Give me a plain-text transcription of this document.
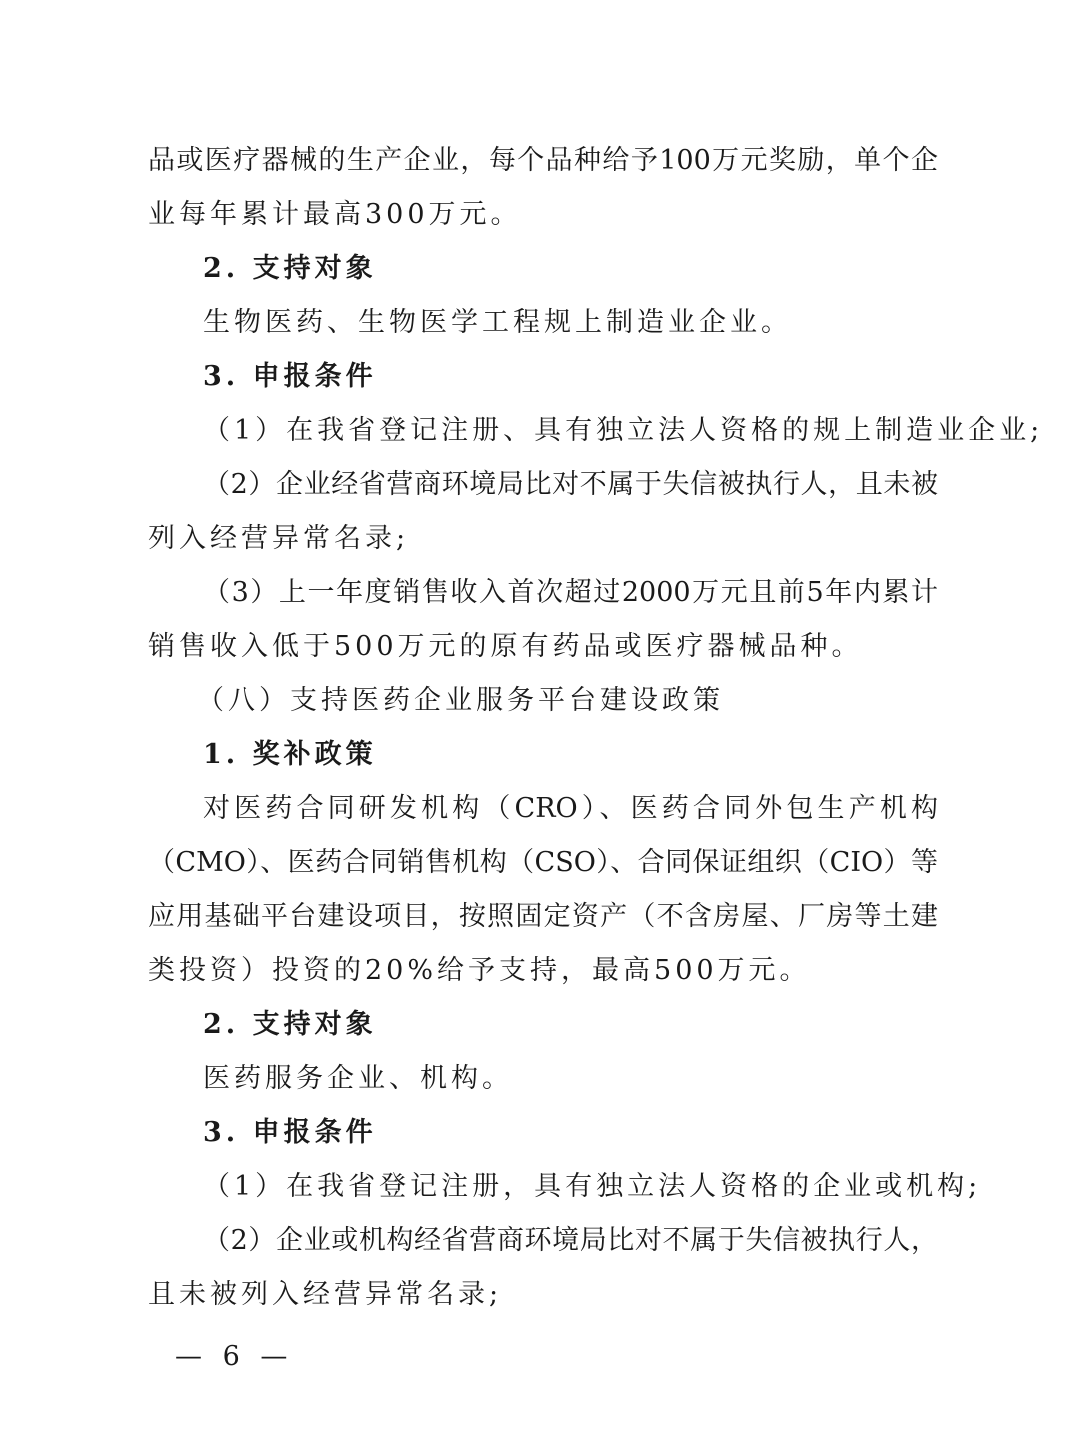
品或医疗器械的生产企业，每个品种给予100万元奖励，单个企
业每年累计最高300万元。
2. 支持对象
生物医药、生物医学工程规上制造业企业。
3. 申报条件
（1）在我省登记注册、具有独立法人资格的规上制造业企业;
（2）企业经省营商环境局比对不属于失信被执行人，且未被
列入经营异常名录;
（3）上一年度销售收入首次超过2000万元且前5年内累计
销售收入低于500万元的原有药品或医疗器械品种。
（八）支持医药企业服务平台建设政策
1. 奖补政策
对医药合同研发机构（CRO）、医药合同外包生产机构
（CMO）、医药合同销售机构（CSO）、合同保证组织（CIO）等
应用基础平台建设项目，按照固定资产（不含房屋、厂房等土建
类投资）投资的20%给予支持，最高500万元。
2. 支持对象
医药服务企业、机构。
3. 申报条件
（1）在我省登记注册，具有独立法人资格的企业或机构;
（2）企业或机构经省营商环境局比对不属于失信被执行人，
且未被列入经营异常名录;
— 6 —
